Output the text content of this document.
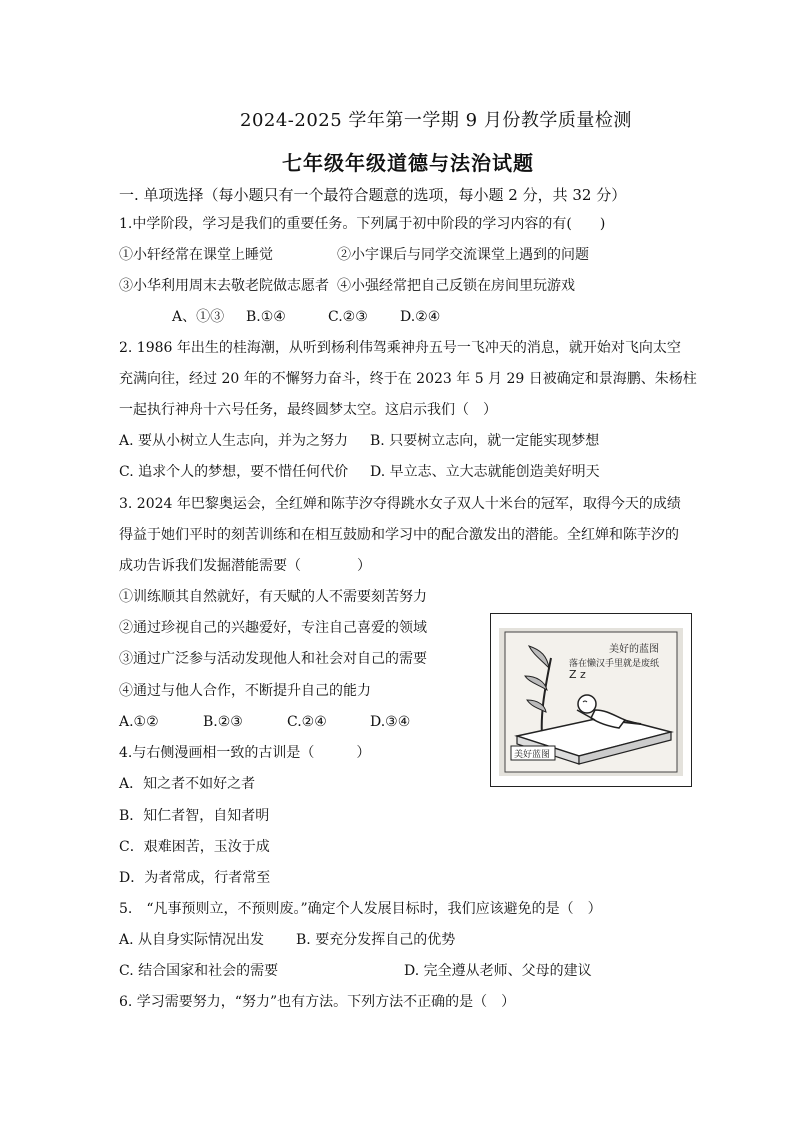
2024-2025 学年第一学期 9 月份教学质量检测
七年级年级道德与法治试题
一. 单项选择（每小题只有一个最符合题意的选项，每小题 2 分，共 32 分）
1.中学阶段，学习是我们的重要任务。下列属于初中阶段的学习内容的有(　　)
①小轩经常在课堂上睡觉	②小宇课后与同学交流课堂上遇到的问题
③小华利用周末去敬老院做志愿者 ④小强经常把自己反锁在房间里玩游戏
A、①③ B.①④	C.②③ D.②④
2. 1986 年出生的桂海潮，从听到杨利伟驾乘神舟五号一飞冲天的消息，就开始对飞向太空
充满向往，经过 20 年的不懈努力奋斗，终于在 2023 年 5 月 29 日被确定和景海鹏、朱杨柱
一起执行神舟十六号任务，最终圆梦太空。这启示我们（　）
A. 要从小树立人生志向，并为之努力 B. 只要树立志向，就一定能实现梦想
C. 追求个人的梦想，要不惜任何代价 D. 早立志、立大志就能创造美好明天
3. 2024 年巴黎奥运会，全红婵和陈芋汐夺得跳水女子双人十米台的冠军，取得今天的成绩
得益于她们平时的刻苦训练和在相互鼓励和学习中的配合激发出的潜能。全红婵和陈芋汐的
成功告诉我们发掘潜能需要（　　　　）
①训练顺其自然就好，有天赋的人不需要刻苦努力
②通过珍视自己的兴趣爱好，专注自己喜爱的领域
③通过广泛参与活动发现他人和社会对自己的需要
④通过与他人合作，不断提升自己的能力
A.①②	B.②③	C.②④	D.③④
4.与右侧漫画相一致的古训是（　　　）
A．知之者不如好之者
B．知仁者智，自知者明
C．艰难困苦，玉汝于成
D．为者常成，行者常至
5.　“凡事预则立，不预则废。”确定个人发展目标时，我们应该避免的是（　）
A. 从自身实际情况出发 B. 要充分发挥自己的优势
C. 结合国家和社会的需要	D. 完全遵从老师、父母的建议
6. 学习需要努力，“努力”也有方法。下列方法不正确的是（　）
Z z
美好的蓝图
落在懒汉手里就是废纸
美好蓝图
